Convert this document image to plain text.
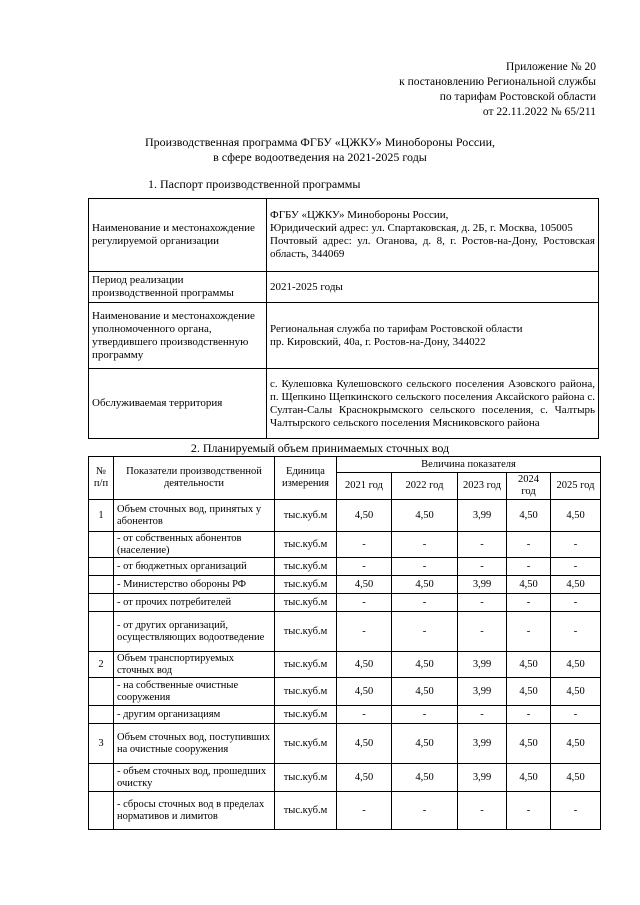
Приложение № 20
к постановлению Региональной службы
по тарифам Ростовской области
от 22.11.2022 № 65/211
Производственная программа ФГБУ «ЦЖКУ» Минобороны России,
в сфере водоотведения на 2021-2025 годы
1. Паспорт производственной программы
Наименование и местонахождение регулируемой организации	ФГБУ «ЦЖКУ» Минобороны России,
Юридический адрес: ул. Спартаковская, д. 2Б, г. Москва, 105005
Почтовый адрес: ул. Оганова, д. 8, г. Ростов-на-Дону, Ростовская область, 344069

Период реализации производственной программы	2021-2025 годы

Наименование и местонахождение уполномоченного органа, утвердившего производственную программу	Региональная служба по тарифам Ростовской области
пр. Кировский, 40а, г. Ростов-на-Дону, 344022

Обслуживаемая территория	с. Кулешовка Кулешовского сельского поселения Азовского района, п. Щепкино Щепкинского сельского поселения Аксайского района с. Султан-Салы Краснокрымского сельского поселения, с. Чалтырь Чалтырского сельского поселения Мясниковского района
2. Планируемый объем принимаемых сточных вод
№ п/п	Показатели производственной деятельности	Единица измерения	Величина показателя				
			2021 год	2022 год	2023 год	2024 год	2025 год
1	Объем сточных вод, принятых у абонентов	тыс.куб.м	4,50	4,50	3,99	4,50	4,50
	- от собственных абонентов (население)	тыс.куб.м	-	-	-	-	-
	- от бюджетных организаций	тыс.куб.м	-	-	-	-	-
	- Министерство обороны РФ	тыс.куб.м	4,50	4,50	3,99	4,50	4,50
	- от прочих потребителей	тыс.куб.м	-	-	-	-	-
	- от других организаций, осуществляющих водоотведение	тыс.куб.м	-	-	-	-	-
2	Объем транспортируемых сточных вод	тыс.куб.м	4,50	4,50	3,99	4,50	4,50
	- на собственные очистные сооружения	тыс.куб.м	4,50	4,50	3,99	4,50	4,50
	- другим организациям	тыс.куб.м	-	-	-	-	-
3	Объем сточных вод, поступивших на очистные сооружения	тыс.куб.м	4,50	4,50	3,99	4,50	4,50
	- объем сточных вод, прошедших очистку	тыс.куб.м	4,50	4,50	3,99	4,50	4,50
	- сбросы сточных вод в пределах нормативов и лимитов	тыс.куб.м	-	-	-	-	-
